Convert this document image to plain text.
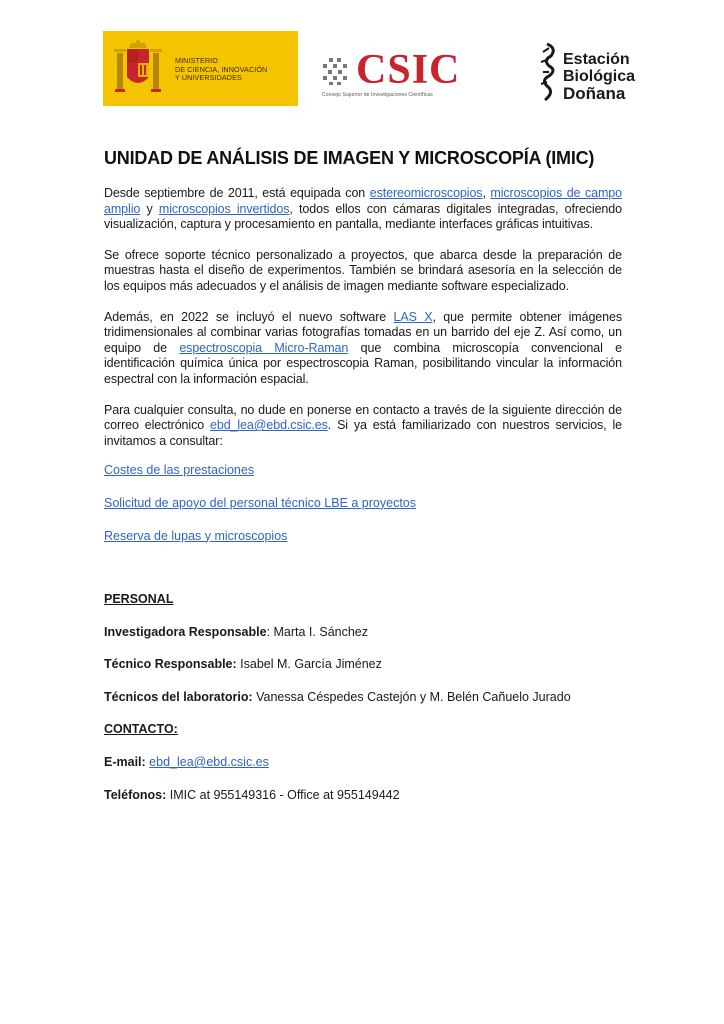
MINISTERIO
DE CIENCIA, INNOVACIÓN
Y UNIVERSIDADES	CSIC
Consejo Superior de Investigaciones Científicas
Estación
Biológica
Doñana
UNIDAD DE ANÁLISIS DE IMAGEN Y MICROSCOPÍA (IMIC)

Desde septiembre de 2011, está equipada con estereomicroscopios, microscopios de campo amplio y microscopios invertidos, todos ellos con cámaras digitales integradas, ofreciendo visualización, captura y procesamiento en pantalla, mediante interfaces gráficas intuitivas.

Se ofrece soporte técnico personalizado a proyectos, que abarca desde la preparación de muestras hasta el diseño de experimentos. También se brindará asesoría en la selección de los equipos más adecuados y el análisis de imagen mediante software especializado.

Además, en 2022 se incluyó el nuevo software LAS X, que permite obtener imágenes tridimensionales al combinar varias fotografías tomadas en un barrido del eje Z. Así como, un equipo de espectroscopia Micro-Raman que combina microscopía convencional e identificación química única por espectroscopia Raman, posibilitando vincular la información espectral con la información espacial.

Para cualquier consulta, no dude en ponerse en contacto a través de la siguiente dirección de correo electrónico ebd_lea@ebd.csic.es. Si ya está familiarizado con nuestros servicios, le invitamos a consultar:

Costes de las prestaciones
Solicitud de apoyo del personal técnico LBE a proyectos
Reserva de lupas y microscopios
PERSONAL
Investigadora Responsable: Marta I. Sánchez
Técnico Responsable: Isabel M. García Jiménez
Técnicos del laboratorio: Vanessa Céspedes Castejón y M. Belén Cañuelo Jurado
CONTACTO:
E-mail: ebd_lea@ebd.csic.es
Teléfonos: IMIC at 955149316 - Office at 955149442
